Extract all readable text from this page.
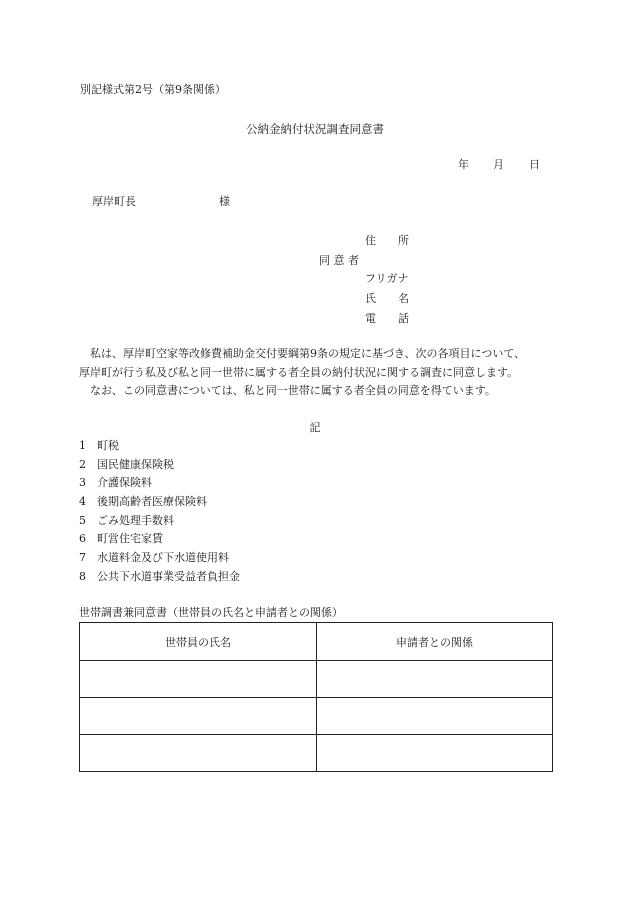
別記様式第2号（第9条関係）
公納金納付状況調査同意書
年 月 日
厚岸町長	様
住　　所
同 意 者
フリガナ
氏　　名
電　　話

私は、厚岸町空家等改修費補助金交付要綱第9条の規定に基づき、次の各項目について、

厚岸町が行う私及び私と同一世帯に属する者全員の納付状況に関する調査に同意します。

なお、この同意書については、私と同一世帯に属する者全員の同意を得ています。

記
1 町税
2 国民健康保険税
3 介護保険料
4 後期高齢者医療保険料
5 ごみ処理手数料
6 町営住宅家賃
7 水道料金及び下水道使用料
8 公共下水道事業受益者負担金
世帯調書兼同意書（世帯員の氏名と申請者との関係）
世帯員の氏名	申請者との関係
